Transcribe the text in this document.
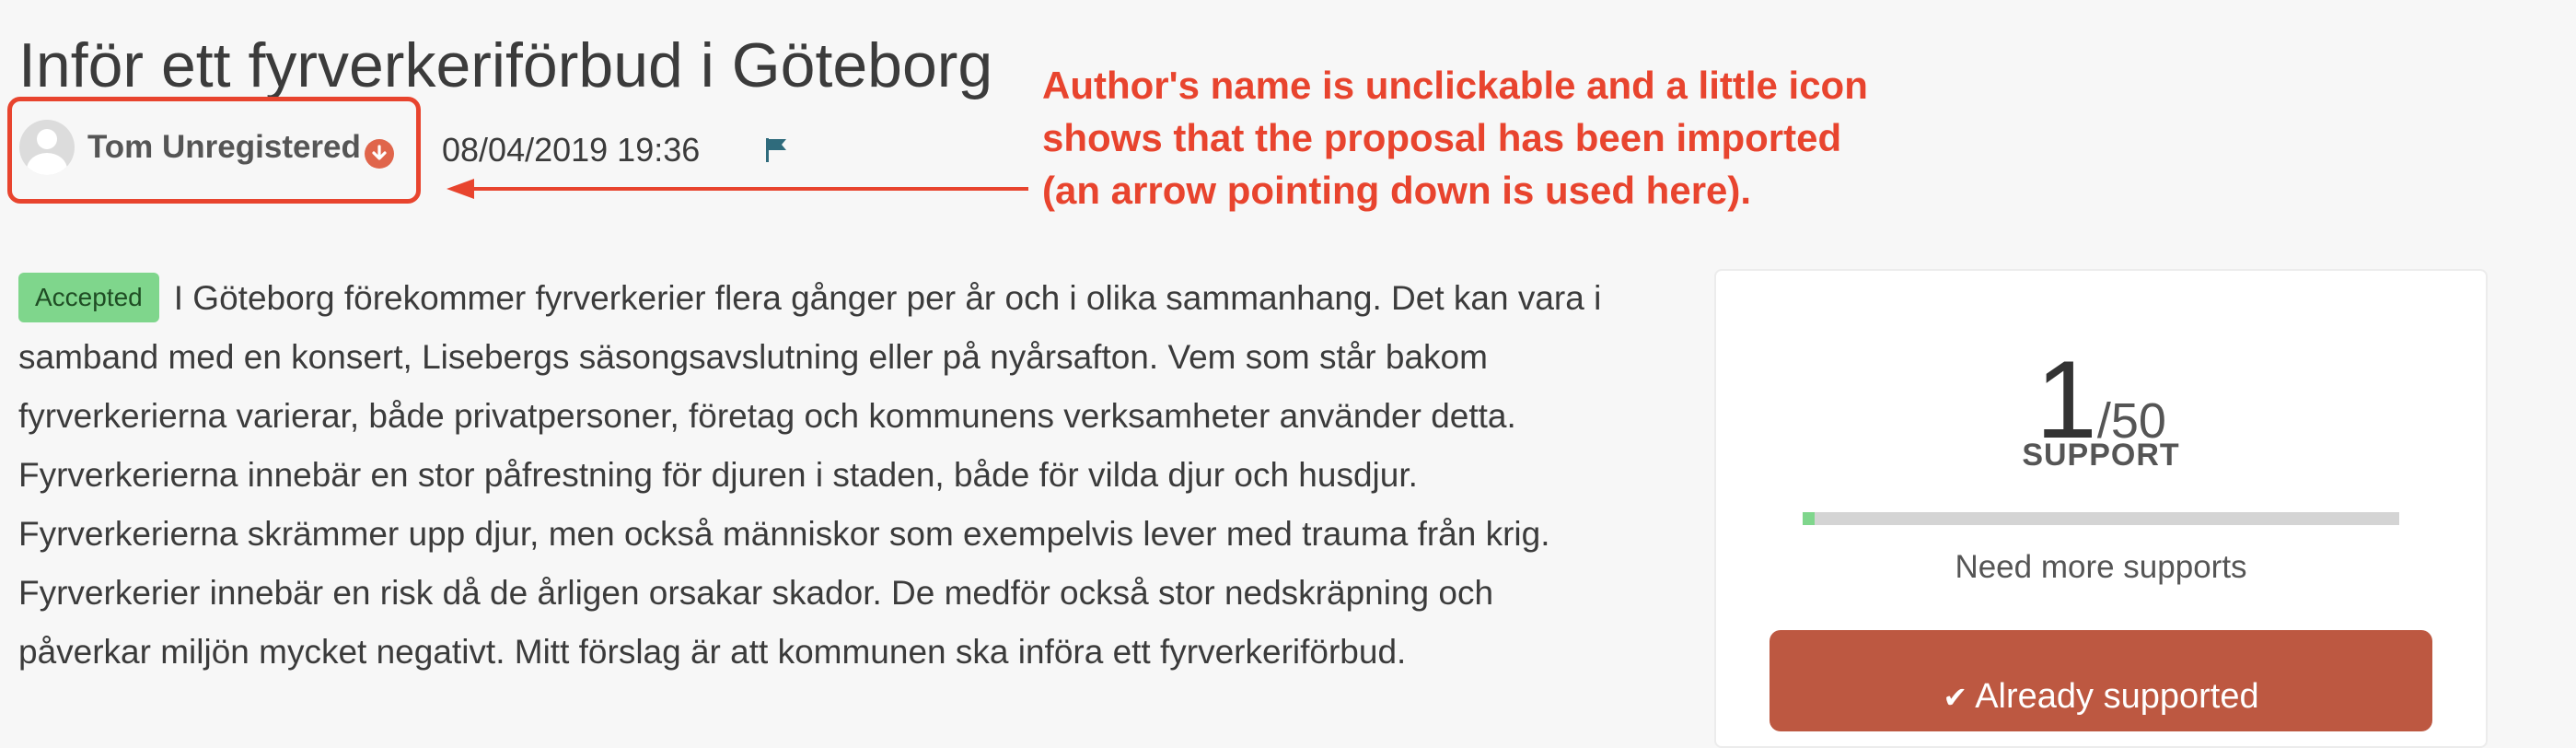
Inför ett fyrverkeriförbud i Göteborg
Tom Unregistered 08/04/2019 19:36
Author's name is unclickable and a little icon
shows that the proposal has been imported
(an arrow pointing down is used here).
Accepted I Göteborg förekommer fyrverkerier flera gånger per år och i olika sammanhang. Det kan vara i
samband med en konsert, Lisebergs säsongsavslutning eller på nyårsafton. Vem som står bakom
fyrverkerierna varierar, både privatpersoner, företag och kommunens verksamheter använder detta.
Fyrverkerierna innebär en stor påfrestning för djuren i staden, både för vilda djur och husdjur.
Fyrverkerierna skrämmer upp djur, men också människor som exempelvis lever med trauma från krig.
Fyrverkerier innebär en risk då de årligen orsakar skador. De medför också stor nedskräpning och
påverkar miljön mycket negativt. Mitt förslag är att kommunen ska införa ett fyrverkeriförbud.
1/50
SUPPORT
Need more supports
✔ Already supported
